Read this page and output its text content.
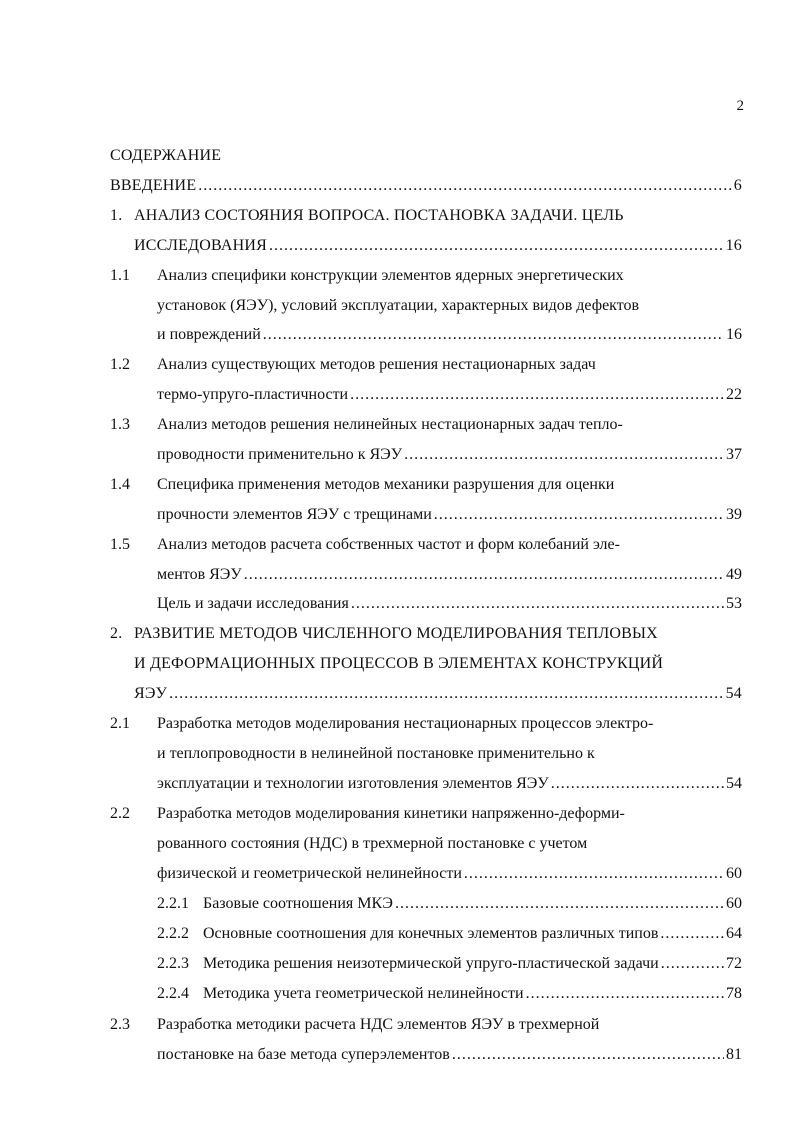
2
СОДЕРЖАНИЕ
ВВЕДЕНИЕ .....	6
1. АНАЛИЗ СОСТОЯНИЯ ВОПРОСА. ПОСТАНОВКА ЗАДАЧИ. ЦЕЛЬ
ИССЛЕДОВАНИЯ .....	16
1.1 Анализ специфики конструкции элементов ядерных энергетических
установок (ЯЭУ), условий эксплуатации, характерных видов дефектов
и повреждений .....	16
1.2 Анализ существующих методов решения нестационарных задач
термо-упруго-пластичности .....	22
1.3 Анализ методов решения нелинейных нестационарных задач тепло-
проводности применительно к ЯЭУ .....	37
1.4 Специфика применения методов механики разрушения для оценки
прочности элементов ЯЭУ с трещинами .....	39
1.5 Анализ методов расчета собственных частот и форм колебаний эле-
ментов ЯЭУ .....	49
Цель и задачи исследования .....	53
2. РАЗВИТИЕ МЕТОДОВ ЧИСЛЕННОГО МОДЕЛИРОВАНИЯ ТЕПЛОВЫХ
И ДЕФОРМАЦИОННЫХ ПРОЦЕССОВ В ЭЛЕМЕНТАХ КОНСТРУКЦИЙ
ЯЭУ .....	54
2.1 Разработка методов моделирования нестационарных процессов электро-
и теплопроводности в нелинейной постановке применительно к
эксплуатации и технологии изготовления элементов ЯЭУ .....	54
2.2 Разработка методов моделирования кинетики напряженно-деформи-
рованного состояния (НДС) в трехмерной постановке с учетом
физической и геометрической нелинейности .....	60
2.2.1 Базовые соотношения МКЭ .....	60
2.2.2 Основные соотношения для конечных элементов различных типов .....	64
2.2.3 Методика решения неизотермической упруго-пластической задачи .....	72
2.2.4 Методика учета геометрической нелинейности .....	78
2.3 Разработка методики расчета НДС элементов ЯЭУ в трехмерной
постановке на базе метода суперэлементов .....	81
